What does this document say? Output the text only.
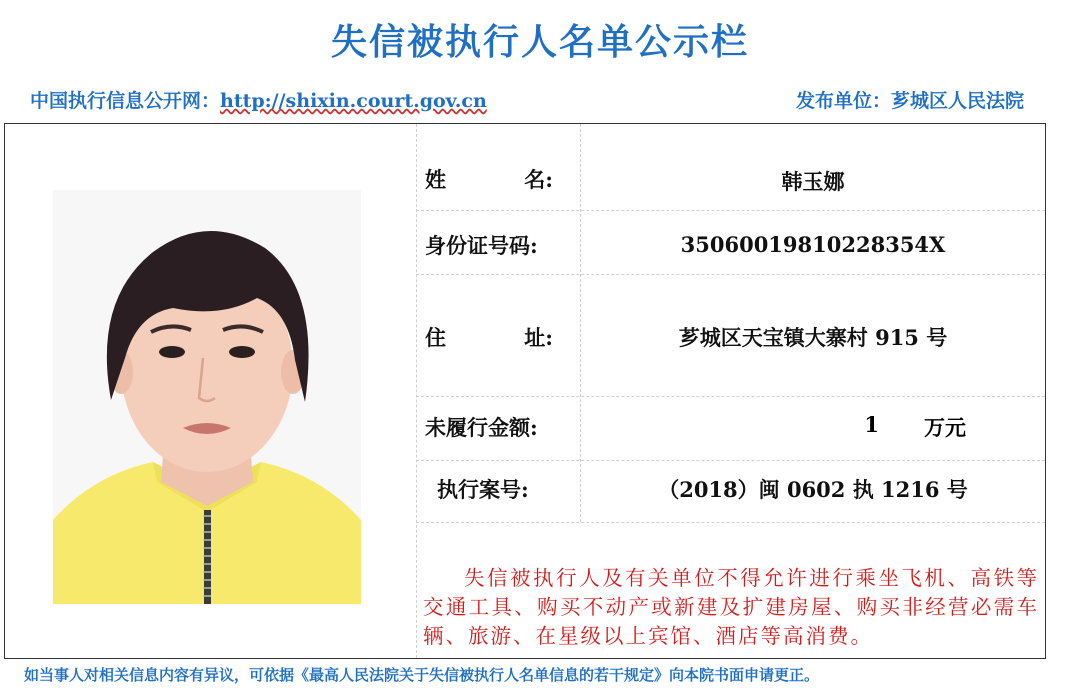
失信被执行人名单公示栏
中国执行信息公开网：http://shixin.court.gov.cn	发布单位：芗城区人民法院
姓	名:	韩玉娜
身份证号码:	35060019810228354X
住	址:	芗城区天宝镇大寨村 915 号
未履行金额:	1	万元
执行案号:	（2018）闽 0602 执 1216 号
失信被执行人及有关单位不得允许进行乘坐飞机、高铁等交通工具、购买不动产或新建及扩建房屋、购买非经营必需车辆、旅游、在星级以上宾馆、酒店等高消费。
如当事人对相关信息内容有异议，可依据《最高人民法院关于失信被执行人名单信息的若干规定》向本院书面申请更正。
